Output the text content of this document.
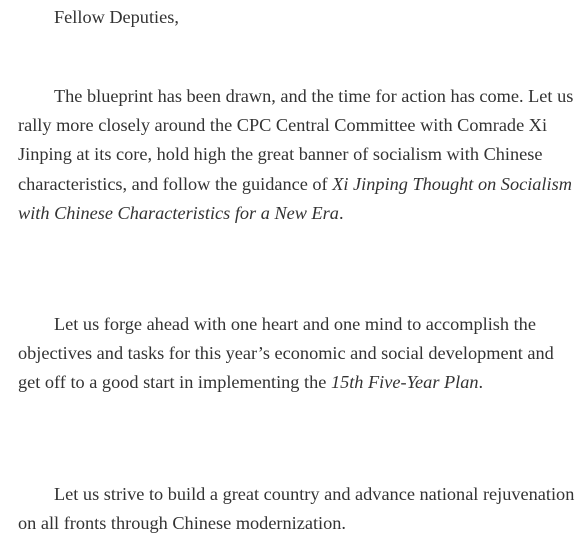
Fellow Deputies,

The blueprint has been drawn, and the time for action has come. Let us rally more closely around the CPC Central Committee with Comrade Xi Jinping at its core, hold high the great banner of socialism with Chinese characteristics, and follow the guidance of Xi Jinping Thought on Socialism with Chinese Characteristics for a New Era.

Let us forge ahead with one heart and one mind to accomplish the objectives and tasks for this year’s economic and social development and get off to a good start in implementing the 15th Five-Year Plan.

Let us strive to build a great country and advance national rejuvenation on all fronts through Chinese modernization.
